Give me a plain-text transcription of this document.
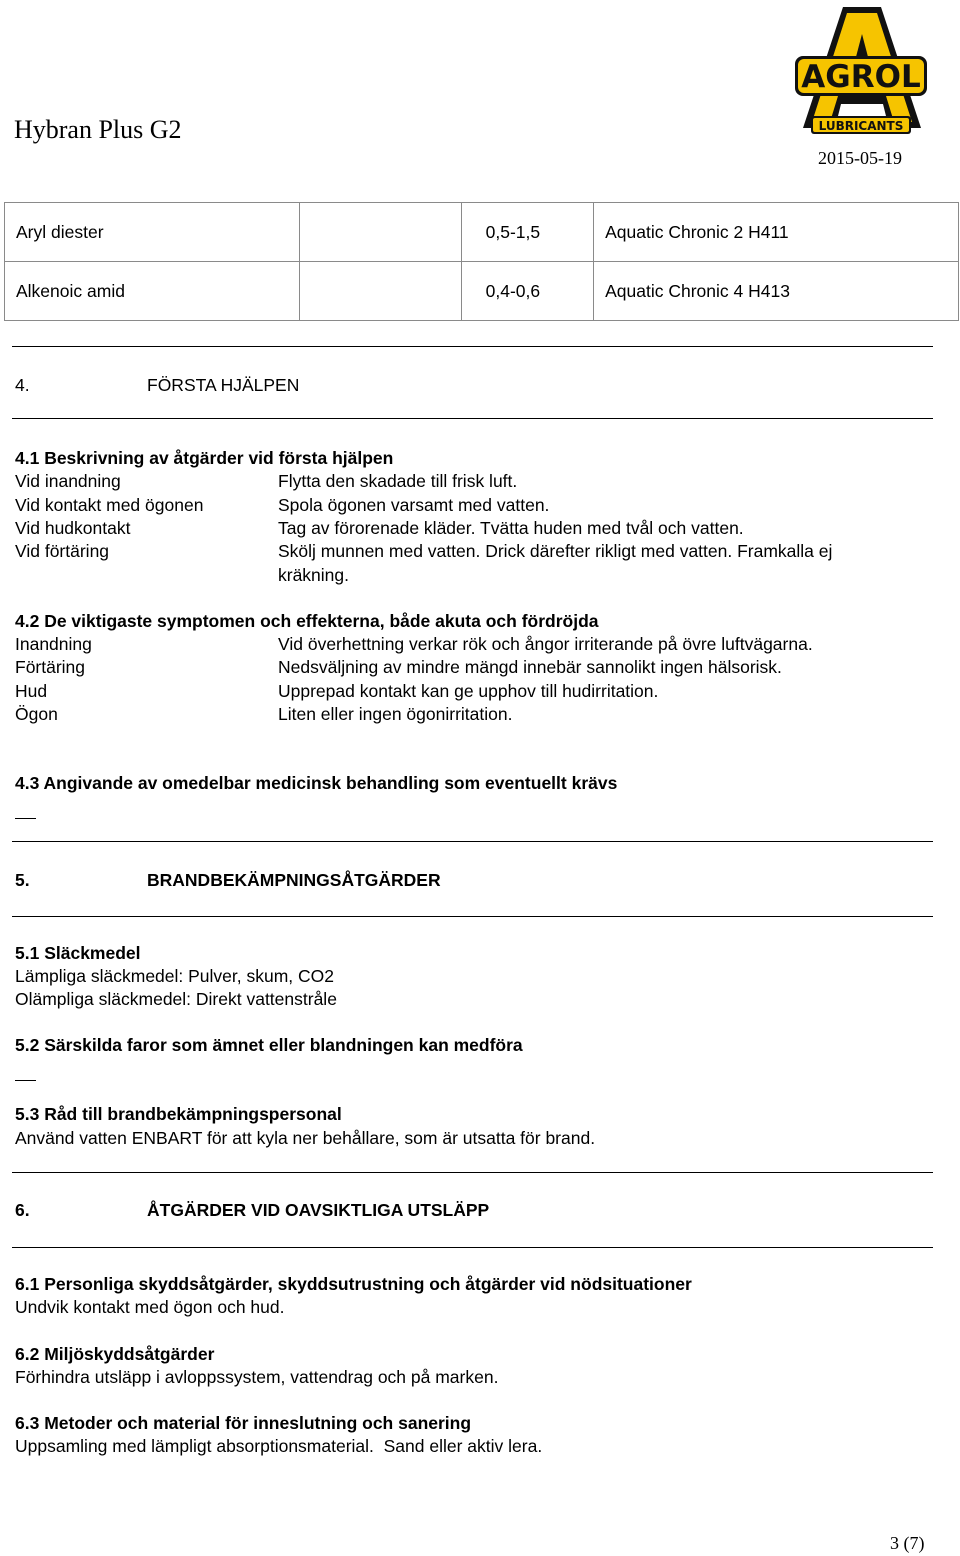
Hybran Plus G2
2015-05-19
AGROL
LUBRICANTS
Aryl diester		0,5-1,5	Aquatic Chronic 2 H411
Alkenoic amid		0,4-0,6	Aquatic Chronic 4 H413
4.	FÖRSTA HJÄLPEN
4.1 Beskrivning av åtgärder vid första hjälpen
Vid inandning	Flytta den skadade till frisk luft.
Vid kontakt med ögonen	Spola ögonen varsamt med vatten.
Vid hudkontakt	Tag av förorenade kläder. Tvätta huden med tvål och vatten.
Vid förtäring	Skölj munnen med vatten. Drick därefter rikligt med vatten. Framkalla ej
kräkning.
4.2 De viktigaste symptomen och effekterna, både akuta och fördröjda
Inandning	Vid överhettning verkar rök och ångor irriterande på övre luftvägarna.
Förtäring	Nedsväljning av mindre mängd innebär sannolikt ingen hälsorisk.
Hud	Upprepad kontakt kan ge upphov till hudirritation.
Ögon	Liten eller ingen ögonirritation.
4.3 Angivande av omedelbar medicinsk behandling som eventuellt krävs
5.	BRANDBEKÄMPNINGSÅTGÄRDER
5.1 Släckmedel
Lämpliga släckmedel: Pulver, skum, CO2
Olämpliga släckmedel: Direkt vattenstråle
5.2 Särskilda faror som ämnet eller blandningen kan medföra
5.3 Råd till brandbekämpningspersonal
Använd vatten ENBART för att kyla ner behållare, som är utsatta för brand.
6.	ÅTGÄRDER VID OAVSIKTLIGA UTSLÄPP
6.1 Personliga skyddsåtgärder, skyddsutrustning och åtgärder vid nödsituationer
Undvik kontakt med ögon och hud.
6.2 Miljöskyddsåtgärder
Förhindra utsläpp i avloppssystem, vattendrag och på marken.
6.3 Metoder och material för inneslutning och sanering
Uppsamling med lämpligt absorptionsmaterial.  Sand eller aktiv lera.
3 (7)
